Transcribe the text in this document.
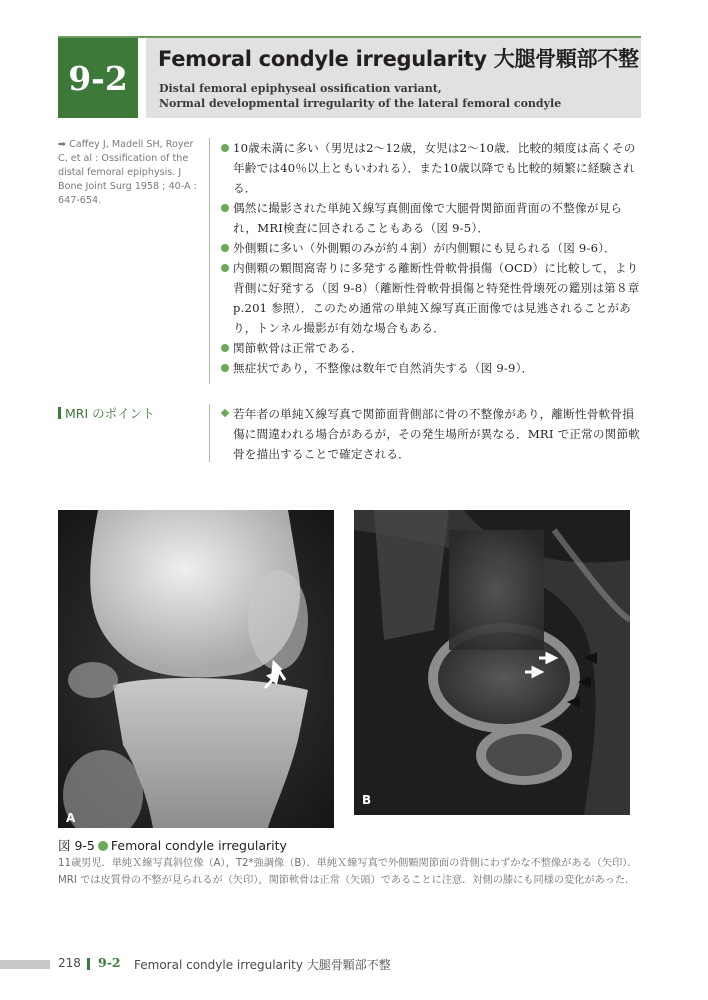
9-2	Femoral condyle irregularity 大腿骨顆部不整
Distal femoral epiphyseal ossification variant,
Normal developmental irregularity of the lateral femoral condyle
➡ Caffey J, Madell SH, Royer C, et al : Ossification of the distal femoral epiphysis. J Bone Joint Surg 1958 ; 40-A : 647-654.
10歳未満に多い（男児は2〜12歳，女児は2〜10歳．比較的頻度は高くその年齢では40％以上ともいわれる）．また10歳以降でも比較的頻繁に経験される．
偶然に撮影された単純Ｘ線写真側面像で大腿骨関節面背面の不整像が見られ，MRI検査に回されることもある（図 9-5）．
外側顆に多い（外側顆のみが約４割）が内側顆にも見られる（図 9-6）．
内側顆の顆間窩寄りに多発する離断性骨軟骨損傷（OCD）に比較して，より背側に好発する（図 9-8）（離断性骨軟骨損傷と特発性骨壊死の鑑別は第８章 p.201 参照）．このため通常の単純Ｘ線写真正面像では見逃されることがあり，トンネル撮影が有効な場合もある．
関節軟骨は正常である．
無症状であり，不整像は数年で自然消失する（図 9-9）．
MRI のポイント	若年者の単純Ｘ線写真で関節面背側部に骨の不整像があり，離断性骨軟骨損傷に間違われる場合があるが，その発生場所が異なる．MRI で正常の関節軟骨を描出することで確定される．
A
B
図 9-5 Femoral condyle irregularity
11歳男児．単純Ｘ線写真斜位像（A），T2*強調像（B）．単純Ｘ線写真で外側顆関節面の背側にわずかな不整像がある（矢印）．MRI では皮質骨の不整が見られるが（矢印），関節軟骨は正常（矢頭）であることに注意．対側の膝にも同様の変化があった．
218 9-2 Femoral condyle irregularity 大腿骨顆部不整
